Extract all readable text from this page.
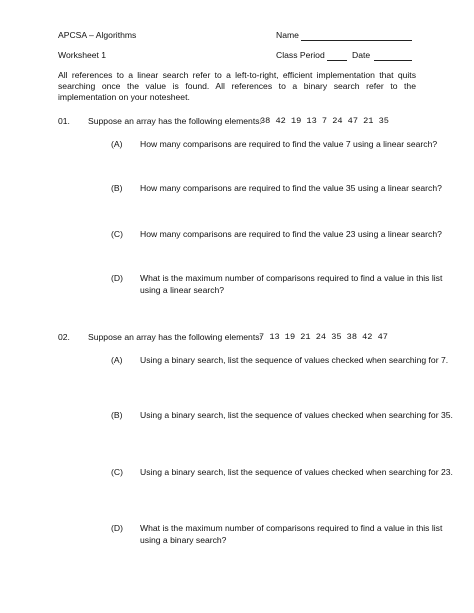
APCSA – Algorithms	Name
Worksheet 1	Class Period	Date
All references to a linear search refer to a left-to-right, efficient implementation that quits searching once the value is found. All references to a binary search refer to the implementation on your notesheet.
01. Suppose an array has the following elements:
38 42 19 13 7 24 47 21 35
(A) How many comparisons are required to find the value 7 using a linear search?
(B) How many comparisons are required to find the value 35 using a linear search?
(C) How many comparisons are required to find the value 23 using a linear search?
(D) What is the maximum number of comparisons required to find a value in this list
using a linear search?
02. Suppose an array has the following elements:
7 13 19 21 24 35 38 42 47
(A) Using a binary search, list the sequence of values checked when searching for 7.
(B) Using a binary search, list the sequence of values checked when searching for 35.
(C) Using a binary search, list the sequence of values checked when searching for 23.
(D) What is the maximum number of comparisons required to find a value in this list
using a binary search?
